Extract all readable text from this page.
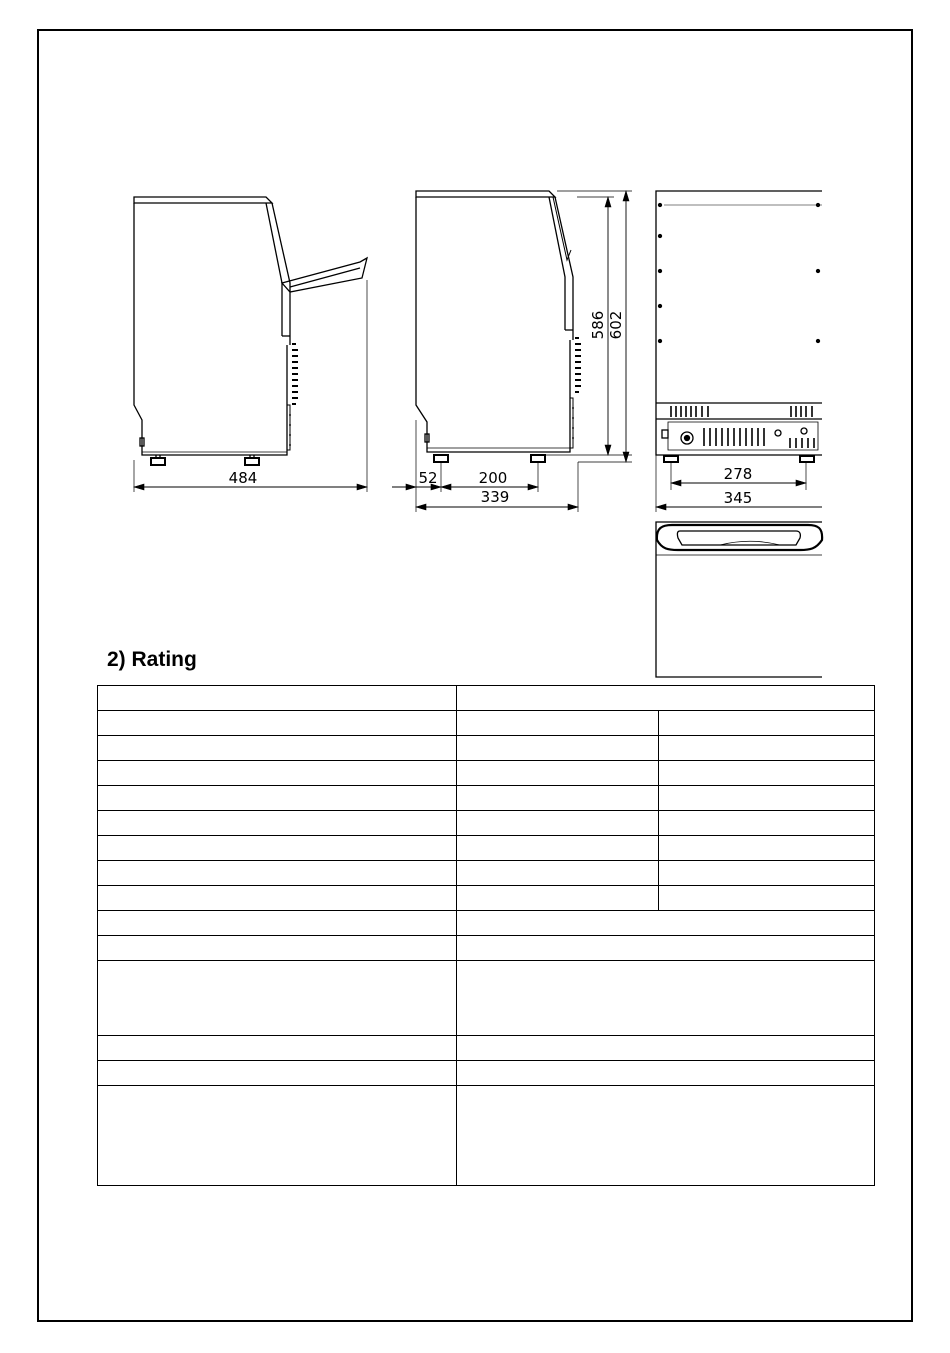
484
586 602
52	200
339
278
345
2) Rating
